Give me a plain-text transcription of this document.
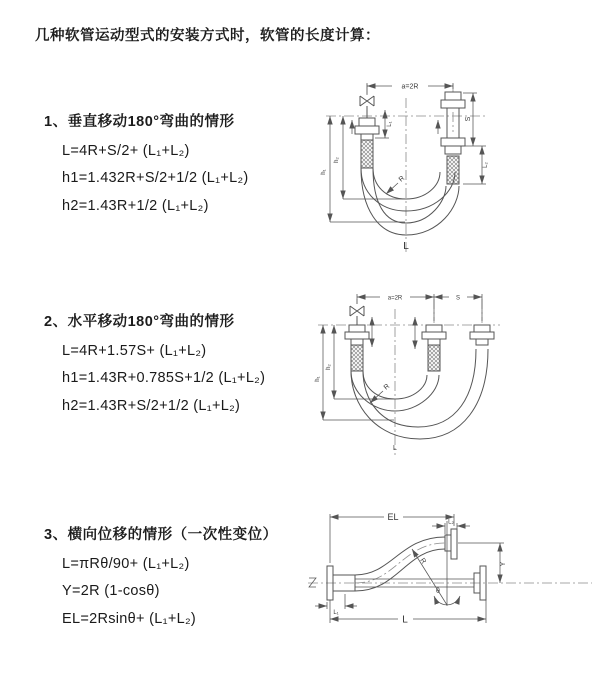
几种软管运动型式的安装方式时，软管的长度计算：
1、垂直移动180°弯曲的情形
L=4R+S/2+ (L₁+L₂)
h1=1.432R+S/2+1/2 (L₁+L₂)
h2=1.43R+1/2 (L₁+L₂)
2、水平移动180°弯曲的情形
L=4R+1.57S+ (L₁+L₂)
h1=1.43R+0.785S+1/2 (L₁+L₂)
h2=1.43R+S/2+1/2 (L₁+L₂)
3、横向位移的情形（一次性变位）
L=πRθ/90+ (L₁+L₂)
Y=2R (1-cosθ)
EL=2Rsinθ+ (L₁+L₂)
a=2R
S
L₂
L₁
h₁
h₂
R
L
a=2R	S
h₁
h₂
R
L
R
θ
EL
L₂
Y
L₁
L
